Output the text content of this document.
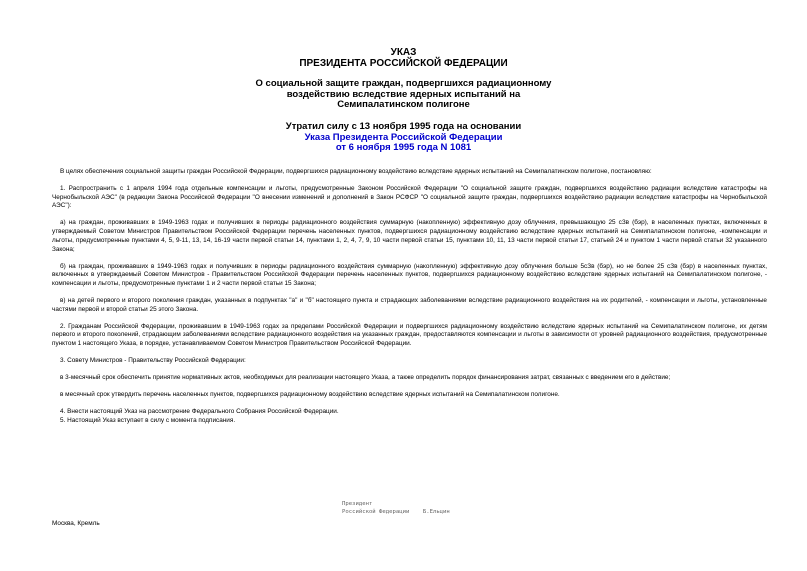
УКАЗ
ПРЕЗИДЕНТА РОССИЙСКОЙ ФЕДЕРАЦИИ
О социальной защите граждан, подвергшихся радиационному
воздействию вследствие ядерных испытаний на
Семипалатинском полигоне
Утратил силу с 13 ноября 1995 года на основании
Указа Президента Российской Федерации
от 6 ноября 1995 года N 1081

В целях обеспечения социальной защиты граждан Российской Федерации, подвергшихся радиационному воздействию вследствие ядерных испытаний на Семипалатинском полигоне, постановляю:

1. Распространить с 1 апреля 1994 года отдельные компенсации и льготы, предусмотренные Законом Российской Федерации "О социальной защите граждан, подвергшихся воздействию радиации вследствие катастрофы на Чернобыльской АЭС" (в редакции Закона Российской Федерации "О внесении изменений и дополнений в Закон РСФСР "О социальной защите граждан, подвергшихся воздействию радиации вследствие катастрофы на Чернобыльской АЭС"):

а) на граждан, проживавших в 1949-1963 годах и получивших в периоды радиационного воздействия суммарную (накопленную) эффективную дозу облучения, превышающую 25 сЗв (бэр), в населенных пунктах, включенных в утверждаемый Советом Министров Правительством Российской Федерации перечень населенных пунктов, подвергшихся радиационному воздействию вследствие ядерных испытаний на Семипалатинском полигоне, -компенсации и льготы, предусмотренные пунктами 4, 5, 9-11, 13, 14, 16-19 части первой статьи 14, пунктами 1, 2, 4, 7, 9, 10 части первой статьи 15, пунктами 10, 11, 13 части первой статьи 17, статьей 24 и пунктом 1 части первой статьи 32 указанного Закона;

б) на граждан, проживавших в 1949-1963 годах и получивших в периоды радиационного воздействия суммарную (накопленную) эффективную дозу облучения больше 5сЗв (бэр), но не более 25 сЗв (бэр) в населенных пунктах, включенных в утверждаемый Советом Министров - Правительством Российской Федерации перечень населенных пунктов, подвергшихся радиационному воздействию вследствие ядерных испытаний на Семипалатинском полигоне, - компенсации и льготы, предусмотренные пунктами 1 и 2 части первой статьи 15 Закона;

в) на детей первого и второго поколения граждан, указанных в подпунктах "а" и "б" настоящего пункта и страдающих заболеваниями вследствие радиационного воздействия на их родителей, - компенсации и льготы, установленные частями первой и второй статьи 25 этого Закона.

2. Гражданам Российской Федерации, проживавшим в 1949-1963 годах за пределами Российской Федерации и подвергшихся радиационному воздействию вследствие ядерных испытаний на Семипалатинском полигоне, их детям первого и второго поколений, страдающим заболеваниями вследствие радиационного воздействия на указанных граждан, предоставляются компенсации и льготы в зависимости от уровней радиационного воздействия, предусмотренные пунктом 1 настоящего Указа, в порядке, устанавливаемом Советом Министров Правительством Российской Федерации.

3. Совету Министров - Правительству Российской Федерации:

в 3-месячный срок обеспечить принятие нормативных актов, необходимых для реализации настоящего Указа, а также определить порядок финансирования затрат, связанных с введением его в действие;

в месячный срок утвердить перечень населенных пунктов, подвергшихся радиационному воздействию вследствие ядерных испытаний на Семипалатинском полигоне.

4. Внести настоящий Указ на рассмотрение Федерального Собрания Российской Федерации.

5. Настоящий Указ вступает в силу с момента подписания.

Президент
Российской Федерации Б.Ельцин
Москва, Кремль
